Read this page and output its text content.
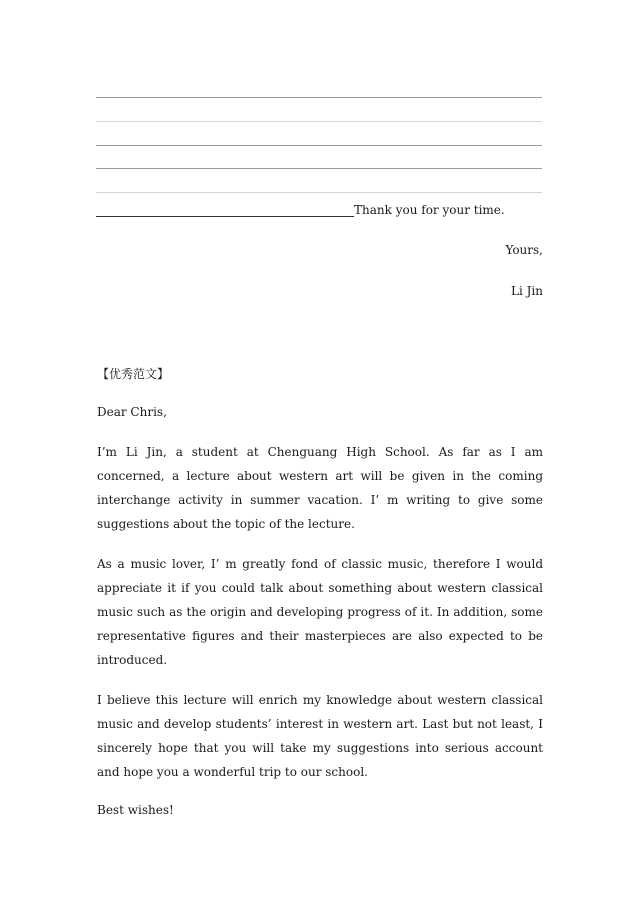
Thank you for your time.
Yours,
Li Jin
【优秀范文】
Dear Chris,

I’m Li Jin, a student at Chenguang High School. As far as I am concerned, a lecture about western art will be given in the coming interchange activity in summer vacation. I’ m writing to give some suggestions about the topic of the lecture.

As a music lover, I’ m greatly fond of classic music, therefore I would appreciate it if you could talk about something about western classical music such as the origin and developing progress of it. In addition, some representative figures and their masterpieces are also expected to be introduced.

I believe this lecture will enrich my knowledge about western classical music and develop students’ interest in western art. Last but not least, I sincerely hope that you will take my suggestions into serious account and hope you a wonderful trip to our school.

Best wishes!
